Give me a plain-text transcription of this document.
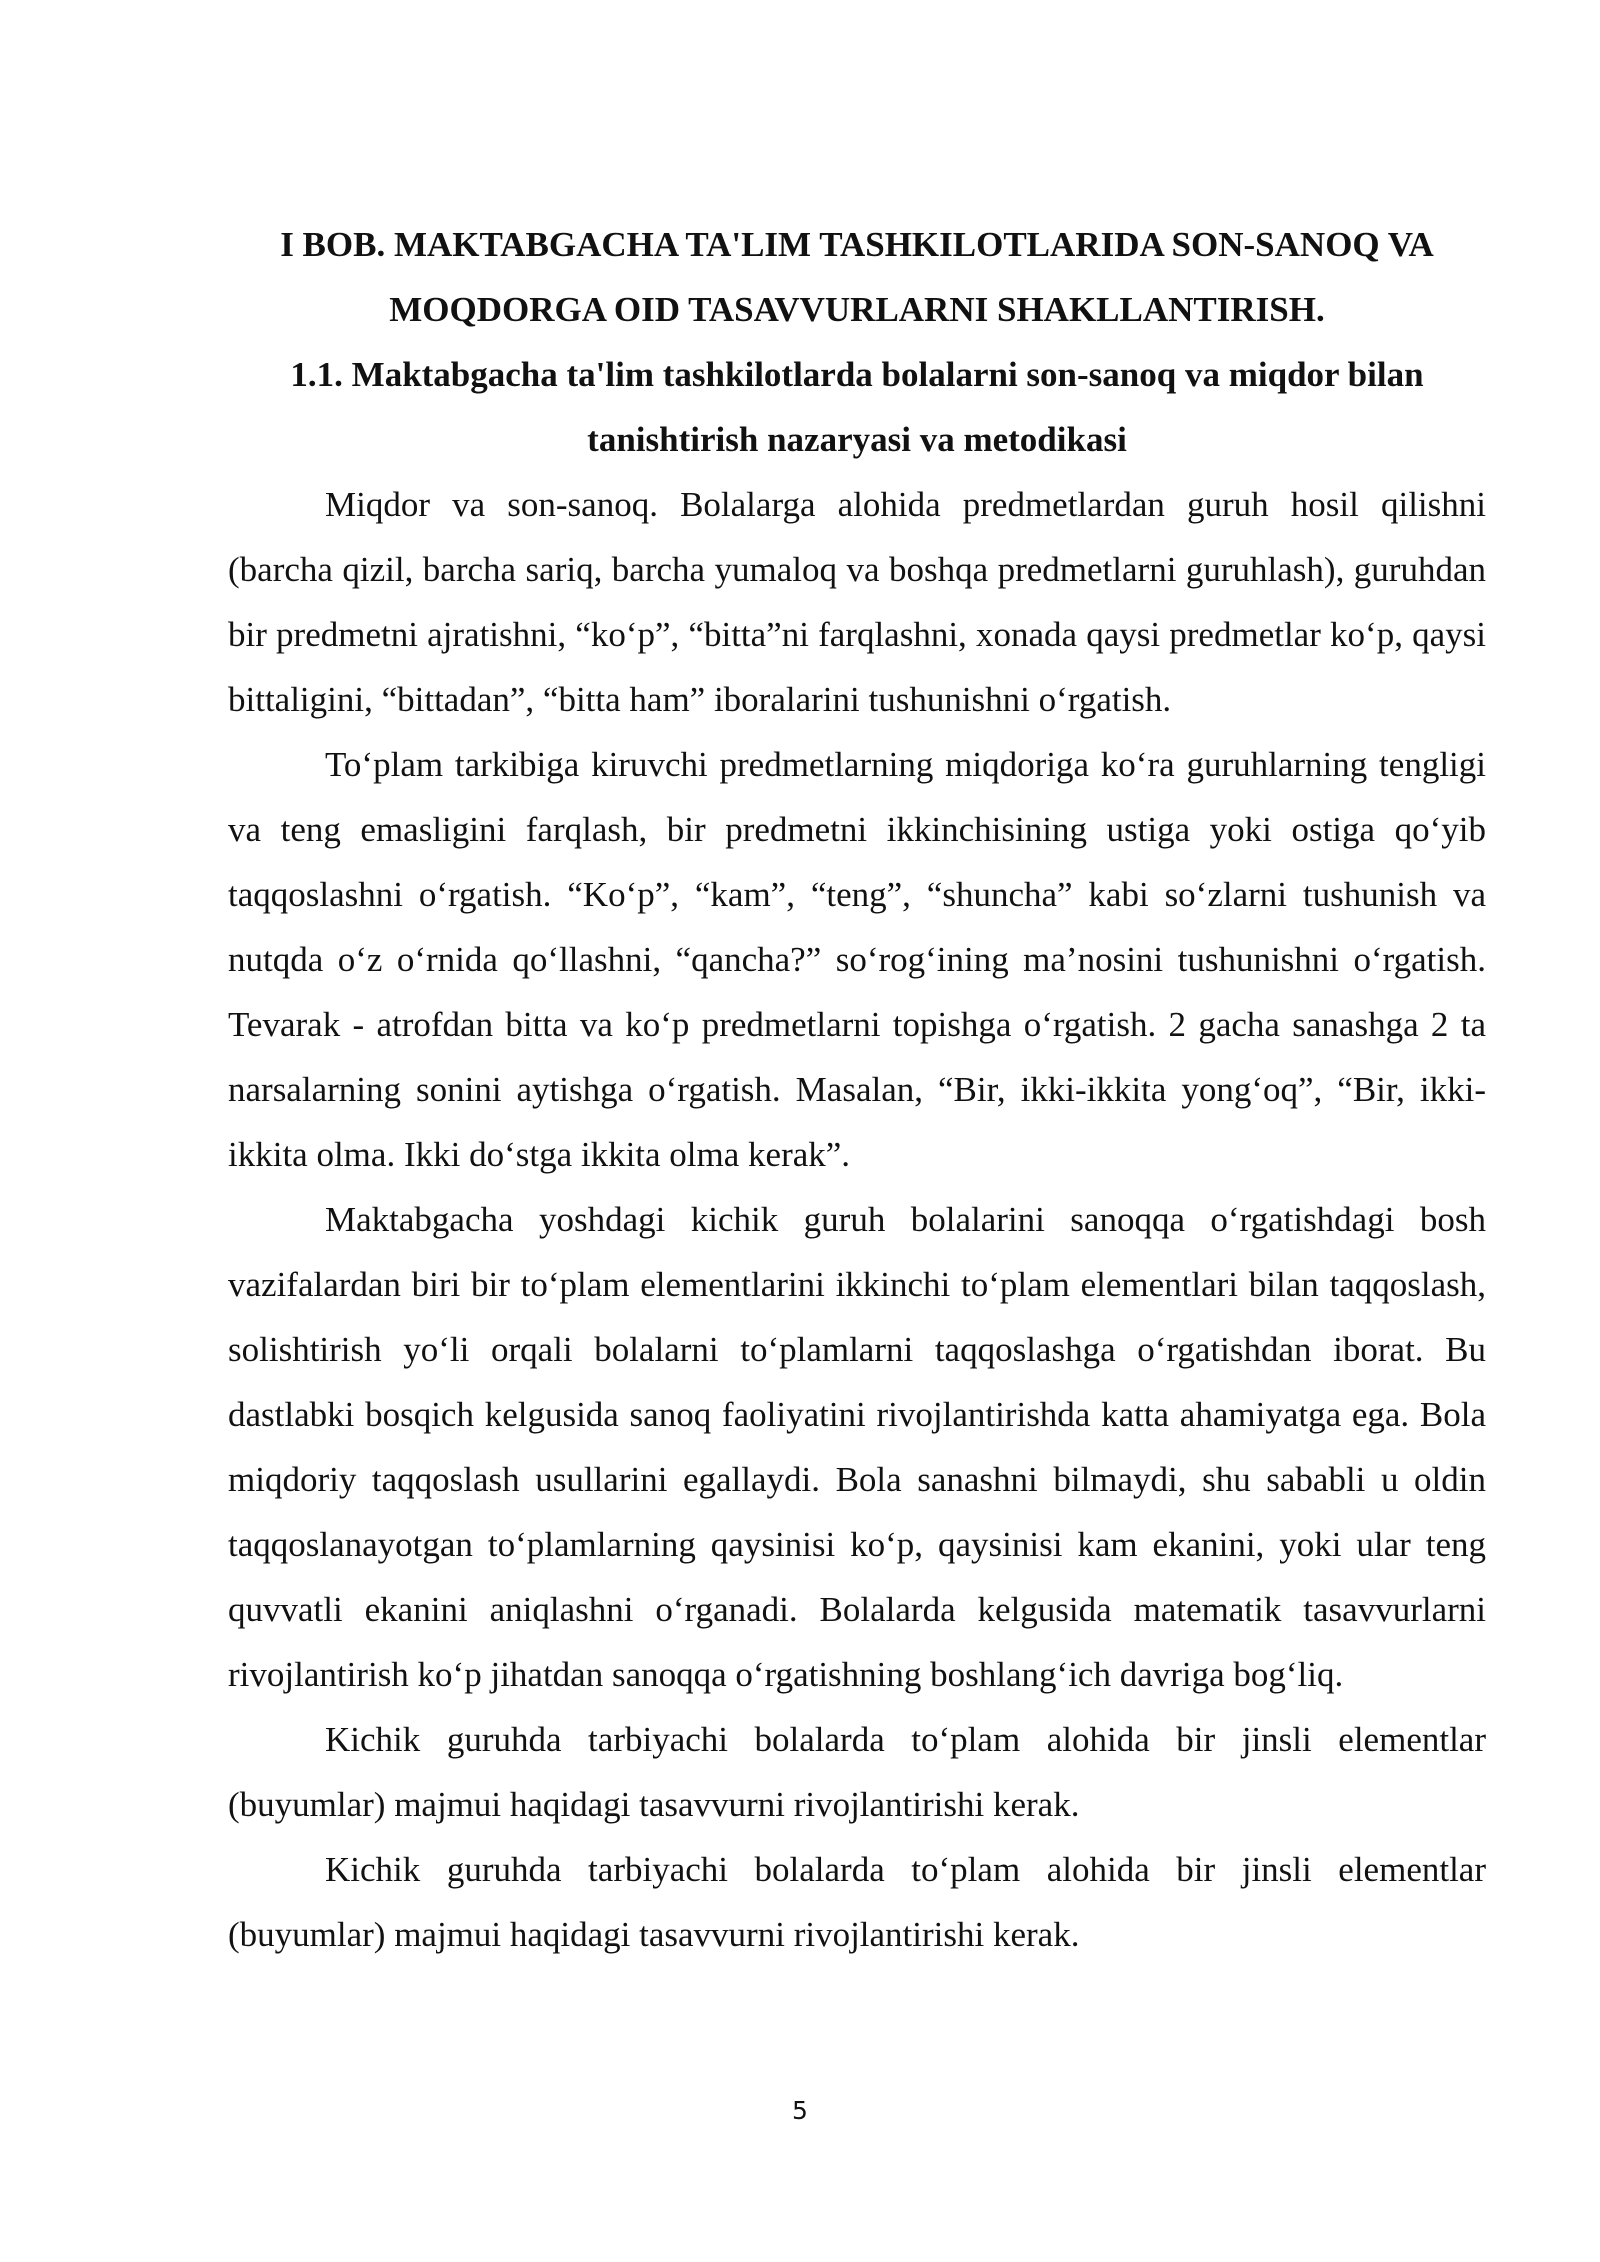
I BOB. MAKTABGACHA TA'LIM TASHKILOTLARIDA SON-SANOQ VA

MOQDORGA OID TASAVVURLARNI SHAKLLANTIRISH.

1.1. Maktabgacha ta'lim tashkilotlarda bolalarni son-sanoq va miqdor bilan

tanishtirish nazaryasi va metodikasi

Miqdor va son-sanoq. Bolalarga alohida predmetlardan guruh hosil qilishni (barcha qizil, barcha sariq, barcha yumaloq va boshqa predmetlarni guruhlash), guruhdan bir predmetni ajratishni, “ko‘p”, “bitta”ni farqlashni, xonada qaysi predmetlar ko‘p, qaysi bittaligini, “bittadan”, “bitta ham” iboralarini tushunishni o‘rgatish.

To‘plam tarkibiga kiruvchi predmetlarning miqdoriga ko‘ra guruhlarning tengligi va teng emasligini farqlash, bir predmetni ikkinchisining ustiga yoki ostiga qo‘yib taqqoslashni o‘rgatish. “Ko‘p”, “kam”, “teng”, “shuncha” kabi so‘zlarni tushunish va nutqda o‘z o‘rnida qo‘llashni, “qancha?” so‘rog‘ining ma’nosini tushunishni o‘rgatish. Tevarak - atrofdan bitta va ko‘p predmetlarni topishga o‘rgatish. 2 gacha sanashga 2 ta narsalarning sonini aytishga o‘rgatish. Masalan, “Bir, ikki-ikkita yong‘oq”, “Bir, ikki-ikkita olma. Ikki do‘stga ikkita olma kerak”.

Maktabgacha yoshdagi kichik guruh bolalarini sanoqqa o‘rgatishdagi bosh vazifalardan biri bir to‘plam elementlarini ikkinchi to‘plam elementlari bilan taqqoslash, solishtirish yo‘li orqali bolalarni to‘plamlarni taqqoslashga o‘rgatishdan iborat. Bu dastlabki bosqich kelgusida sanoq faoliyatini rivojlantirishda katta ahamiyatga ega. Bola miqdoriy taqqoslash usullarini egallaydi. Bola sanashni bilmaydi, shu sababli u oldin taqqoslanayotgan to‘plamlarning qaysinisi ko‘p, qaysinisi kam ekanini, yoki ular teng quvvatli ekanini aniqlashni o‘rganadi. Bolalarda kelgusida matematik tasavvurlarni rivojlantirish ko‘p jihatdan sanoqqa o‘rgatishning boshlang‘ich davriga bog‘liq.

Kichik guruhda tarbiyachi bolalarda to‘plam alohida bir jinsli elementlar (buyumlar) majmui haqidagi tasavvurni rivojlantirishi kerak.

Kichik guruhda tarbiyachi bolalarda to‘plam alohida bir jinsli elementlar (buyumlar) majmui haqidagi tasavvurni rivojlantirishi kerak.

5
